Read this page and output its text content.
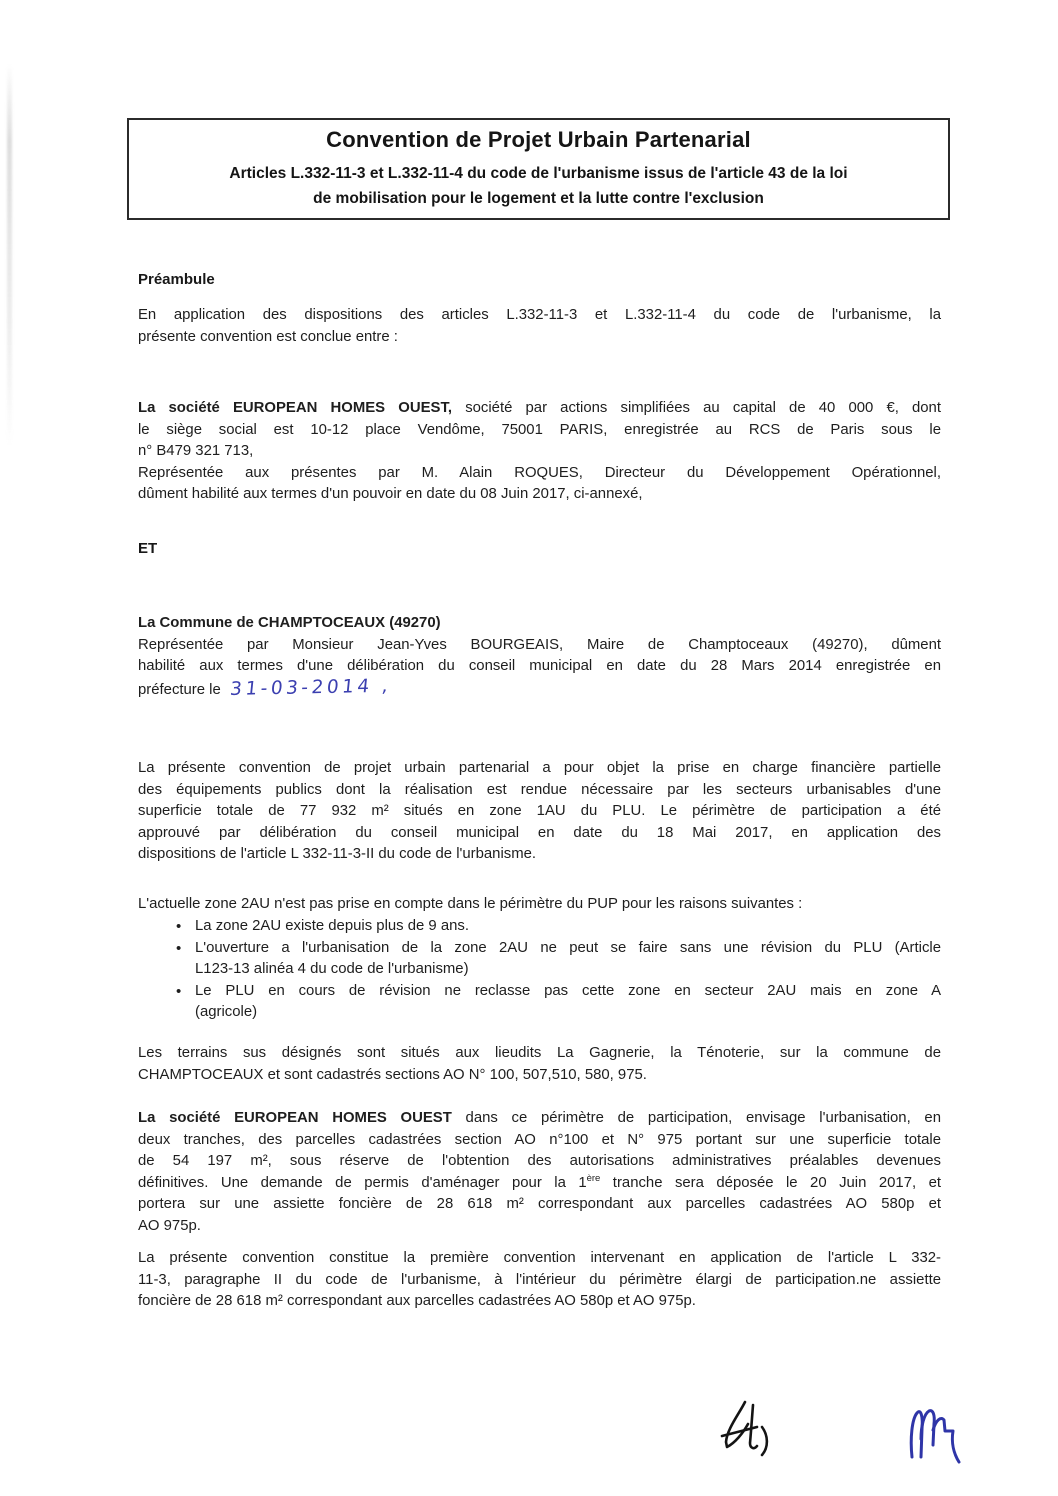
Convention de Projet Urbain Partenarial
Articles L.332-11-3 et L.332-11-4 du code de l'urbanisme issus de l'article 43 de la loi
de mobilisation pour le logement et la lutte contre l'exclusion
Préambule
En application des dispositions des articles L.332-11-3 et L.332-11-4 du code de l'urbanisme, la
présente convention est conclue entre :
La société EUROPEAN HOMES OUEST, société par actions simplifiées au capital de 40 000 €, dont
le siège social est 10-12 place Vendôme, 75001 PARIS, enregistrée au RCS de Paris sous le
n° B479 321 713,
Représentée aux présentes par M. Alain ROQUES, Directeur du Développement Opérationnel,
dûment habilité aux termes d'un pouvoir en date du 08 Juin 2017, ci-annexé,
ET
La Commune de CHAMPTOCEAUX (49270)
Représentée par Monsieur Jean-Yves BOURGEAIS, Maire de Champtoceaux (49270), dûment
habilité aux termes d'une délibération du conseil municipal en date du 28 Mars 2014 enregistrée en
préfecture le 31-03-2014 ,
La présente convention de projet urbain partenarial a pour objet la prise en charge financière partielle
des équipements publics dont la réalisation est rendue nécessaire par les secteurs urbanisables d'une
superficie totale de 77 932 m² situés en zone 1AU du PLU. Le périmètre de participation a été
approuvé par délibération du conseil municipal en date du 18 Mai 2017, en application des
dispositions de l'article L 332-11-3-II du code de l'urbanisme.
L'actuelle zone 2AU n'est pas prise en compte dans le périmètre du PUP pour les raisons suivantes :
• La zone 2AU existe depuis plus de 9 ans.
• L'ouverture a l'urbanisation de la zone 2AU ne peut se faire sans une révision du PLU (Article
L123-13 alinéa 4 du code de l'urbanisme)
• Le PLU en cours de révision ne reclasse pas cette zone en secteur 2AU mais en zone A
(agricole)
Les terrains sus désignés sont situés aux lieudits La Gagnerie, la Ténoterie, sur la commune de
CHAMPTOCEAUX et sont cadastrés sections AO N° 100, 507,510, 580, 975.
La société EUROPEAN HOMES OUEST dans ce périmètre de participation, envisage l'urbanisation, en
deux tranches, des parcelles cadastrées section AO n°100 et N° 975 portant sur une superficie totale
de 54 197 m², sous réserve de l'obtention des autorisations administratives préalables devenues
définitives. Une demande de permis d'aménager pour la 1ère tranche sera déposée le 20 Juin 2017, et
portera sur une assiette foncière de 28 618 m² correspondant aux parcelles cadastrées AO 580p et
AO 975p.
La présente convention constitue la première convention intervenant en application de l'article L 332-
11-3, paragraphe II du code de l'urbanisme, à l'intérieur du périmètre élargi de participation.ne assiette
foncière de 28 618 m² correspondant aux parcelles cadastrées AO 580p et AO 975p.
